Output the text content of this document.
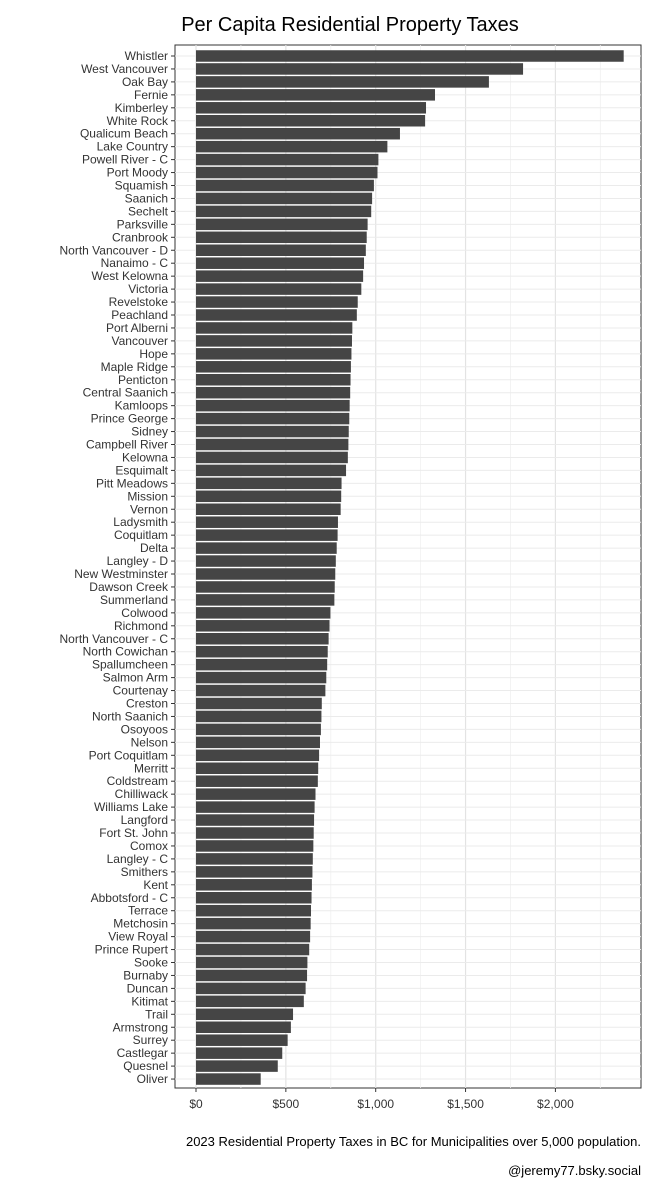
Per Capita Residential Property Taxes
Whistler
West Vancouver
Oak Bay
Fernie
Kimberley
White Rock
Qualicum Beach
Lake Country
Powell River - C
Port Moody
Squamish
Saanich
Sechelt
Parksville
Cranbrook
North Vancouver - D
Nanaimo - C
West Kelowna
Victoria
Revelstoke
Peachland
Port Alberni
Vancouver
Hope
Maple Ridge
Penticton
Central Saanich
Kamloops
Prince George
Sidney
Campbell River
Kelowna
Esquimalt
Pitt Meadows
Mission
Vernon
Ladysmith
Coquitlam
Delta
Langley - D
New Westminster
Dawson Creek
Summerland
Colwood
Richmond
North Vancouver - C
North Cowichan
Spallumcheen
Salmon Arm
Courtenay
Creston
North Saanich
Osoyoos
Nelson
Port Coquitlam
Merritt
Coldstream
Chilliwack
Williams Lake
Langford
Fort St. John
Comox
Langley - C
Smithers
Kent
Abbotsford - C
Terrace
Metchosin
View Royal
Prince Rupert
Sooke
Burnaby
Duncan
Kitimat
Trail
Armstrong
Surrey
Castlegar
Quesnel
Oliver
$0	$500	$1,000	$1,500	$2,000
2023 Residential Property Taxes in BC for Municipalities over 5,000 population.
@jeremy77.bsky.social
